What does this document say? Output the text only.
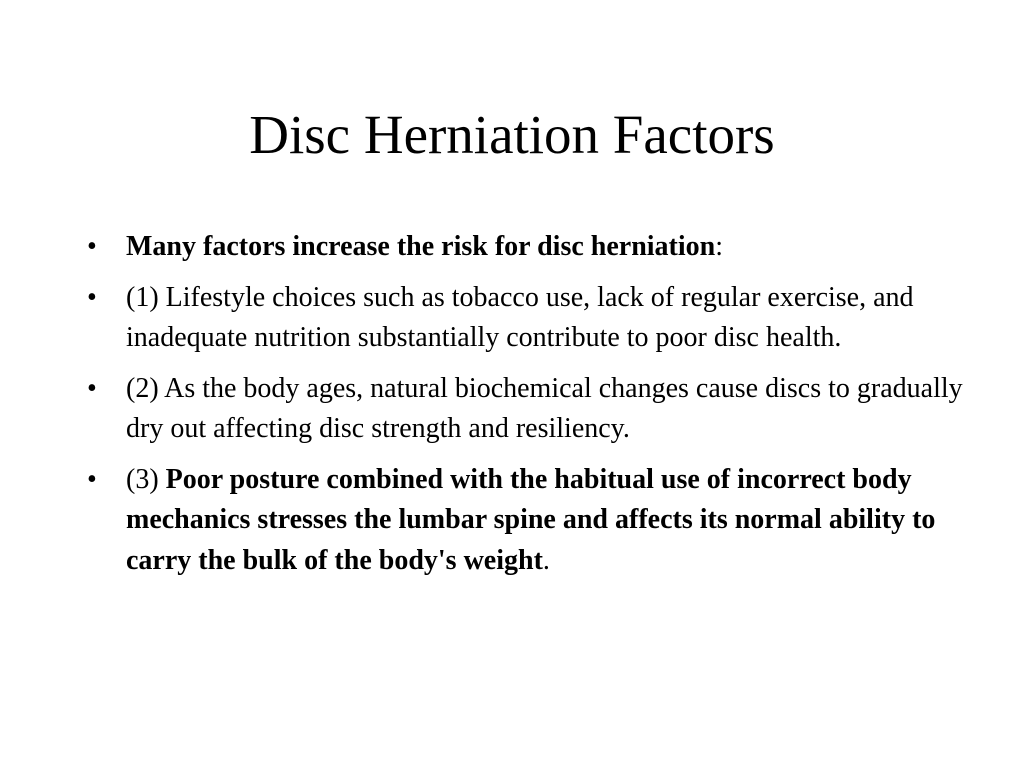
Disc Herniation Factors
• Many factors increase the risk for disc herniation:
• (1) Lifestyle choices such as tobacco use, lack of regular exercise, and inadequate nutrition substantially contribute to poor disc health.
• (2) As the body ages, natural biochemical changes cause discs to gradually dry out affecting disc strength and resiliency.
• (3) Poor posture combined with the habitual use of incorrect body mechanics stresses the lumbar spine and affects its normal ability to carry the bulk of the body's weight.
